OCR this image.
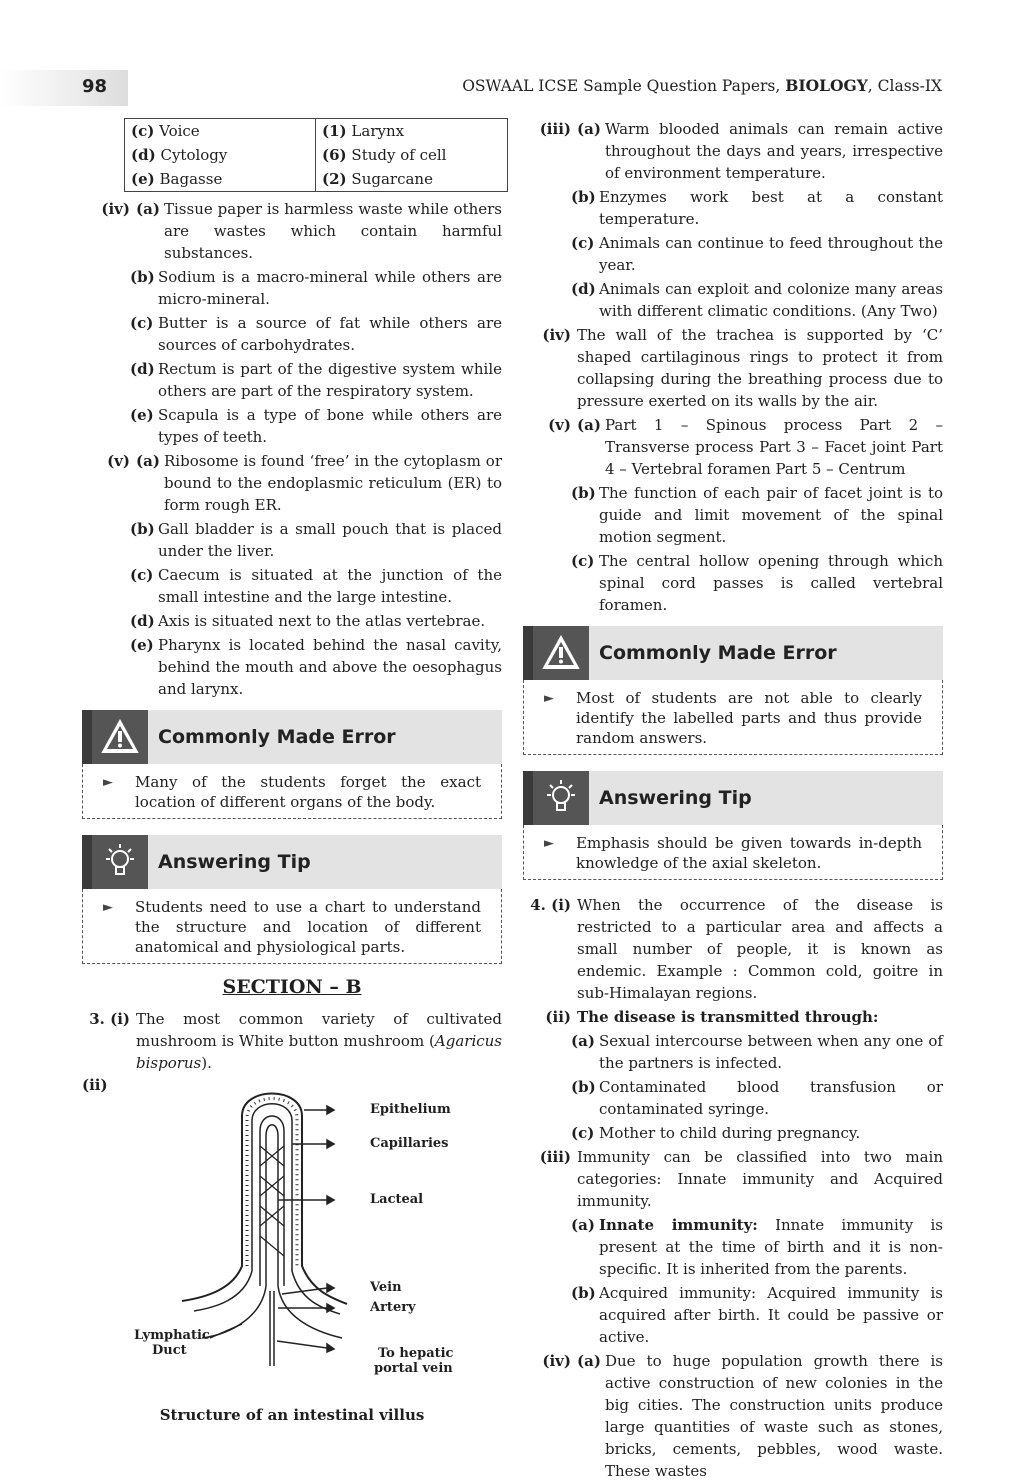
98	OSWAAL ICSE Sample Question Papers, BIOLOGY, Class-IX
(c) Voice	(1) Larynx
(d) Cytology	(6) Study of cell
(e) Bagasse	(2) Sugarcane
(iv) (a) Tissue paper is harmless waste while others are wastes which contain harmful substances.
(b) Sodium is a macro-mineral while others are micro-mineral.
(c) Butter is a source of fat while others are sources of carbohydrates.
(d) Rectum is part of the digestive system while others are part of the respiratory system.
(e) Scapula is a type of bone while others are types of teeth.
(v) (a) Ribosome is found ‘free’ in the cytoplasm or bound to the endoplasmic reticulum (ER) to form rough ER.
(b) Gall bladder is a small pouch that is placed under the liver.
(c) Caecum is situated at the junction of the small intestine and the large intestine.
(d) Axis is situated next to the atlas vertebrae.
(e) Pharynx is located behind the nasal cavity, behind the mouth and above the oesophagus and larynx.
Commonly Made Error
► Many of the students forget the exact location of different organs of the body.
Answering Tip
► Students need to use a chart to understand the structure and location of different anatomical and physiological parts.
SECTION – B
3. (i) The most common variety of cultivated mushroom is White button mushroom (Agaricus bisporus).
(ii)
Epithelium
Capillaries
Lacteal
Vein
Artery
Lymphatic
Duct	To hepatic
portal vein
Structure of an intestinal villus
(iii) (a) Warm blooded animals can remain active throughout the days and years, irrespective of environment temperature.
(b) Enzymes work best at a constant temperature.
(c) Animals can continue to feed throughout the year.
(d) Animals can exploit and colonize many areas with different climatic conditions. (Any Two)
(iv) The wall of the trachea is supported by ‘C’ shaped cartilaginous rings to protect it from collapsing during the breathing process due to pressure exerted on its walls by the air.
(v) (a) Part 1 – Spinous process Part 2 – Transverse process Part 3 – Facet joint Part 4 – Vertebral foramen Part 5 – Centrum
(b) The function of each pair of facet joint is to guide and limit movement of the spinal motion segment.
(c) The central hollow opening through which spinal cord passes is called vertebral foramen.
Commonly Made Error
► Most of students are not able to clearly identify the labelled parts and thus provide random answers.
Answering Tip
► Emphasis should be given towards in-depth knowledge of the axial skeleton.
4. (i) When the occurrence of the disease is restricted to a particular area and affects a small number of people, it is known as endemic. Example : Common cold, goitre in sub-Himalayan regions.
(ii) The disease is transmitted through:
(a) Sexual intercourse between when any one of the partners is infected.
(b) Contaminated blood transfusion or contaminated syringe.
(c) Mother to child during pregnancy.
(iii) Immunity can be classified into two main categories: Innate immunity and Acquired immunity.
(a) Innate immunity: Innate immunity is present at the time of birth and it is non-specific. It is inherited from the parents.
(b) Acquired immunity: Acquired immunity is acquired after birth. It could be passive or active.
(iv) (a) Due to huge population growth there is active construction of new colonies in the big cities. The construction units produce large quantities of waste such as stones, bricks, cements, pebbles, wood waste. These wastes
